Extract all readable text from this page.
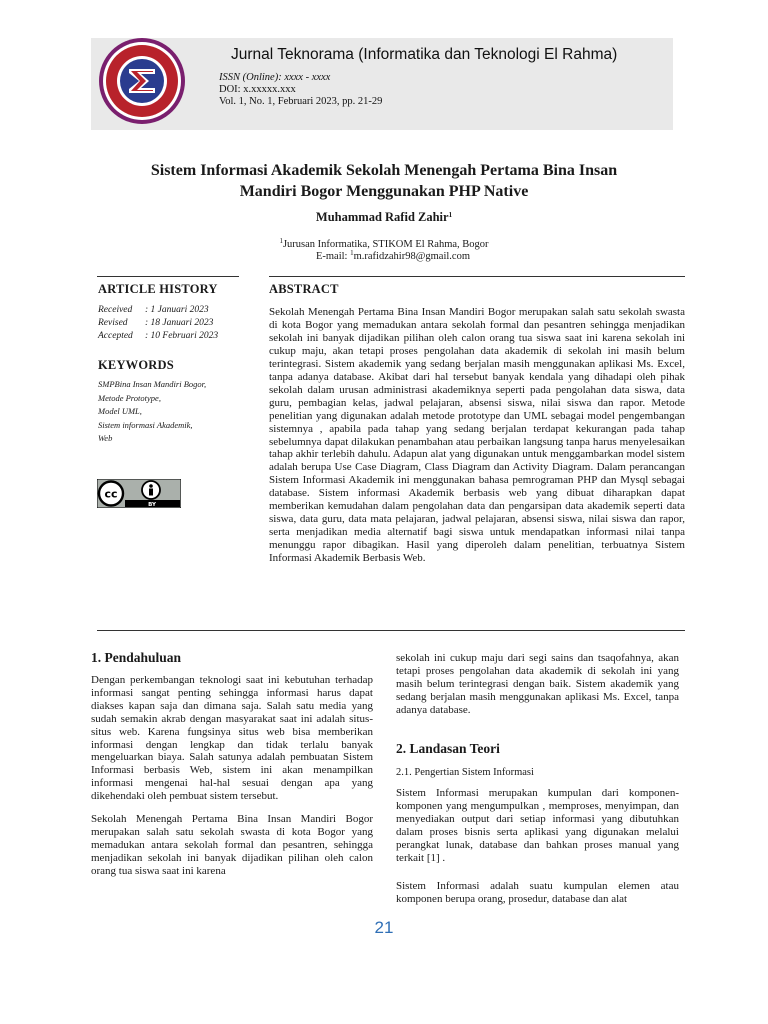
Jurnal Teknorama (Informatika dan Teknologi El Rahma)
ISSN (Online): xxxx - xxxx
DOI: x.xxxxx.xxx
Vol. 1, No. 1, Februari 2023, pp. 21-29
Sistem Informasi Akademik Sekolah Menengah Pertama Bina Insan
Mandiri Bogor Menggunakan PHP Native
Muhammad Rafid Zahir$^1$
$^1$Jurusan Informatika, STIKOM El Rahma, Bogor
E-mail: $^1$m.rafidzahir98@gmail.com
ARTICLE HISTORY
Received : 1 Januari 2023
Revised : 18 Januari 2023
Accepted : 10 Februari 2023
KEYWORDS
SMPBina Insan Mandiri Bogor,
Metode Prototype,
Model UML,
Sistem informasi Akademik,
Web
cc
BY
ABSTRACT
Sekolah Menengah Pertama Bina Insan Mandiri Bogor merupakan salah satu sekolah swasta di kota Bogor yang memadukan antara sekolah formal dan pesantren sehingga menjadikan sekolah ini banyak dijadikan pilihan oleh calon orang tua siswa saat ini karena sekolah ini cukup maju, akan tetapi proses pengolahan data akademik di sekolah ini masih belum terintegrasi. Sistem akademik yang sedang berjalan masih menggunakan aplikasi Ms. Excel, tanpa adanya database. Akibat dari hal tersebut banyak kendala yang dihadapi oleh pihak sekolah dalam urusan administrasi akademiknya seperti pada pengolahan data siswa, data guru, pembagian kelas, jadwal pelajaran, absensi siswa, nilai siswa dan rapor. Metode penelitian yang digunakan adalah metode prototype dan UML sebagai model pengembangan sistemnya , apabila pada tahap yang sedang berjalan terdapat kekurangan pada tahap sebelumnya dapat dilakukan penambahan atau perbaikan langsung tanpa harus menyelesaikan tahap akhir terlebih dahulu. Adapun alat yang digunakan untuk menggambarkan model sistem adalah berupa Use Case Diagram, Class Diagram dan Activity Diagram. Dalam perancangan Sistem Informasi Akademik ini menggunakan bahasa pemrograman PHP dan Mysql sebagai database. Sistem informasi Akademik berbasis web yang dibuat diharapkan dapat memberikan kemudahan dalam pengolahan data dan pengarsipan data akademik seperti data siswa, data guru, data mata pelajaran, jadwal pelajaran, absensi siswa, nilai siswa dan rapor, serta menjadikan media alternatif bagi siswa untuk mendapatkan informasi nilai tanpa menunggu rapor dibagikan. Hasil yang diperoleh dalam penelitian, terbuatnya Sistem Informasi Akademik Berbasis Web.
1. Pendahuluan
Dengan perkembangan teknologi saat ini kebutuhan terhadap informasi sangat penting sehingga informasi harus dapat diakses kapan saja dan dimana saja. Salah satu media yang sudah semakin akrab dengan masyarakat saat ini adalah situs-situs web. Karena fungsinya situs web bisa memberikan informasi dengan lengkap dan tidak terlalu banyak mengeluarkan biaya. Salah satunya adalah pembuatan Sistem Informasi berbasis Web, sistem ini akan menampilkan informasi mengenai hal-hal sesuai dengan apa yang dikehendaki oleh pembuat sistem tersebut.
Sekolah Menengah Pertama Bina Insan Mandiri Bogor merupakan salah satu sekolah swasta di kota Bogor yang memadukan antara sekolah formal dan pesantren, sehingga menjadikan sekolah ini banyak dijadikan pilihan oleh calon orang tua siswa saat ini karena
sekolah ini cukup maju dari segi sains dan tsaqofahnya, akan tetapi proses pengolahan data akademik di sekolah ini yang masih belum terintegrasi dengan baik. Sistem akademik yang sedang berjalan masih menggunakan aplikasi Ms. Excel, tanpa adanya database.
2. Landasan Teori
2.1. Pengertian Sistem Informasi
Sistem Informasi merupakan kumpulan dari komponen-komponen yang mengumpulkan , memproses, menyimpan, dan menyediakan output dari setiap informasi yang dibutuhkan dalam proses bisnis serta aplikasi yang digunakan melalui perangkat lunak, database dan bahkan proses manual yang terkait [1] .
Sistem Informasi adalah suatu kumpulan elemen atau komponen berupa orang, prosedur, database dan alat
21
